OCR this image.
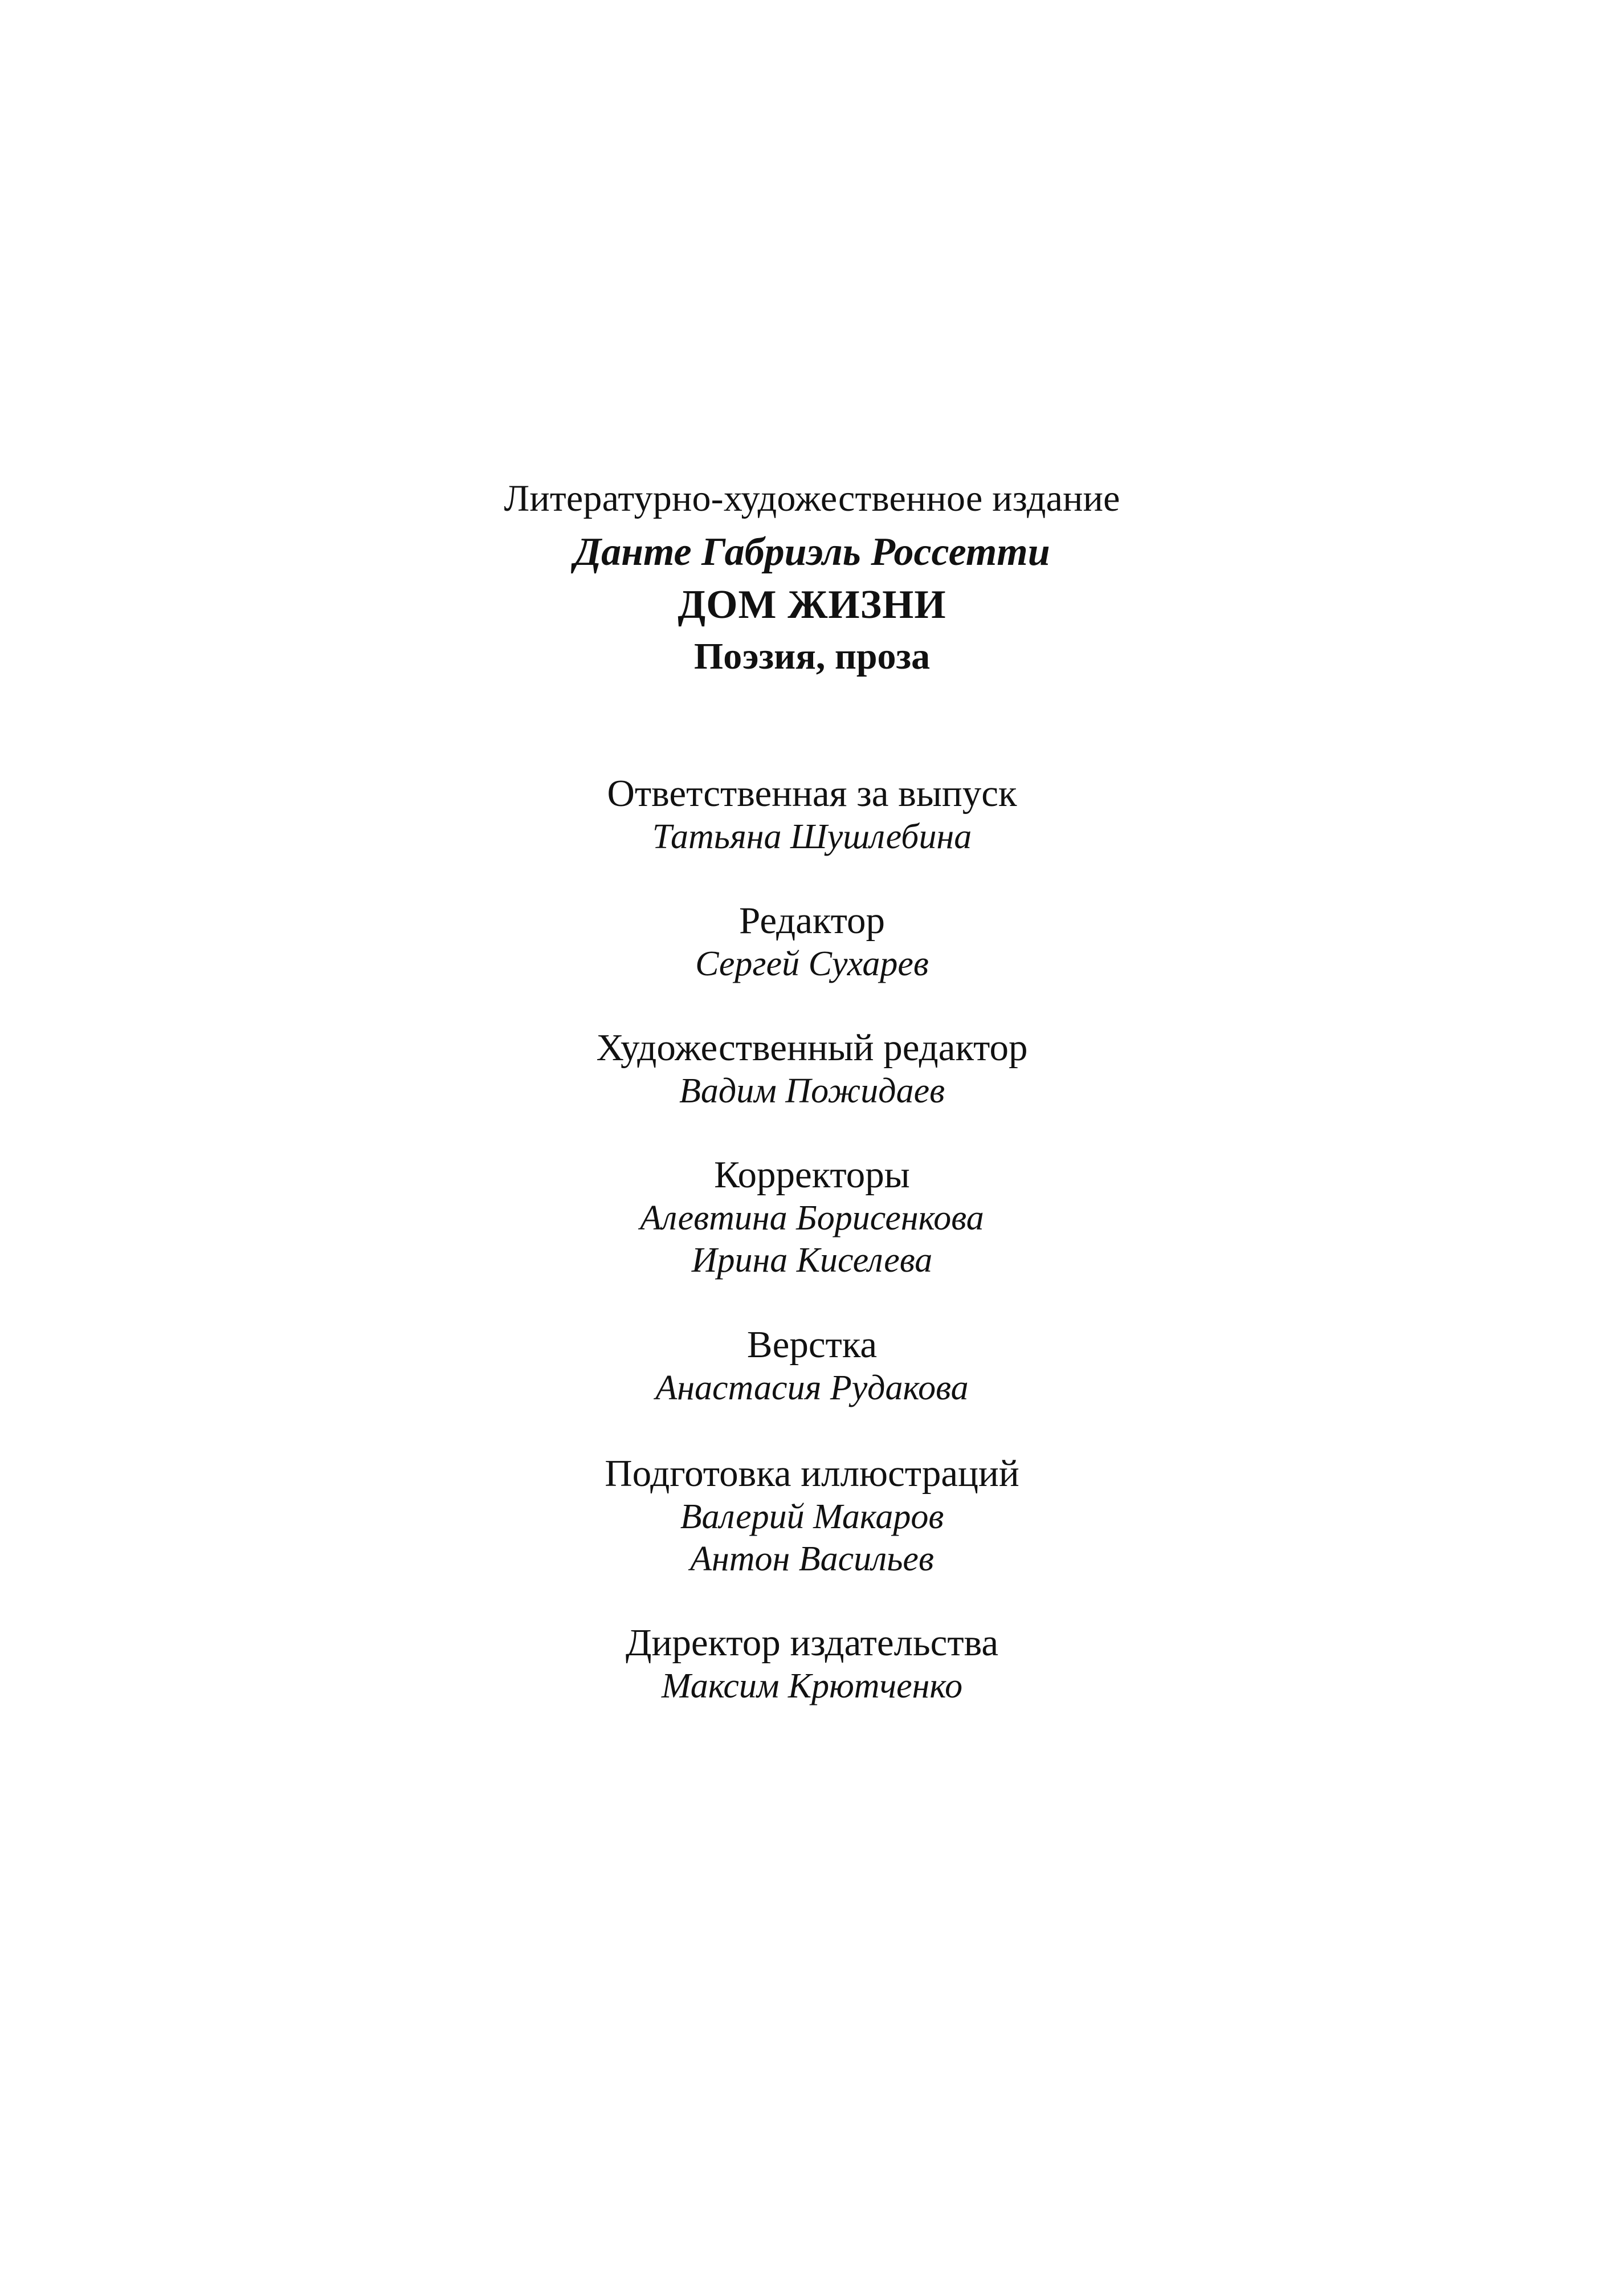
Литературно-художественное издание
Данте Габриэль Россетти
ДОМ ЖИЗНИ
Поэзия, проза
Ответственная за выпуск
Татьяна Шушлебина
Редактор
Сергей Сухарев
Художественный редактор
Вадим Пожидаев
Корректоры
Алевтина Борисенкова
Ирина Киселева
Верстка
Анастасия Рудакова
Подготовка иллюстраций
Валерий Макаров
Антон Васильев
Директор издательства
Максим Крютченко
